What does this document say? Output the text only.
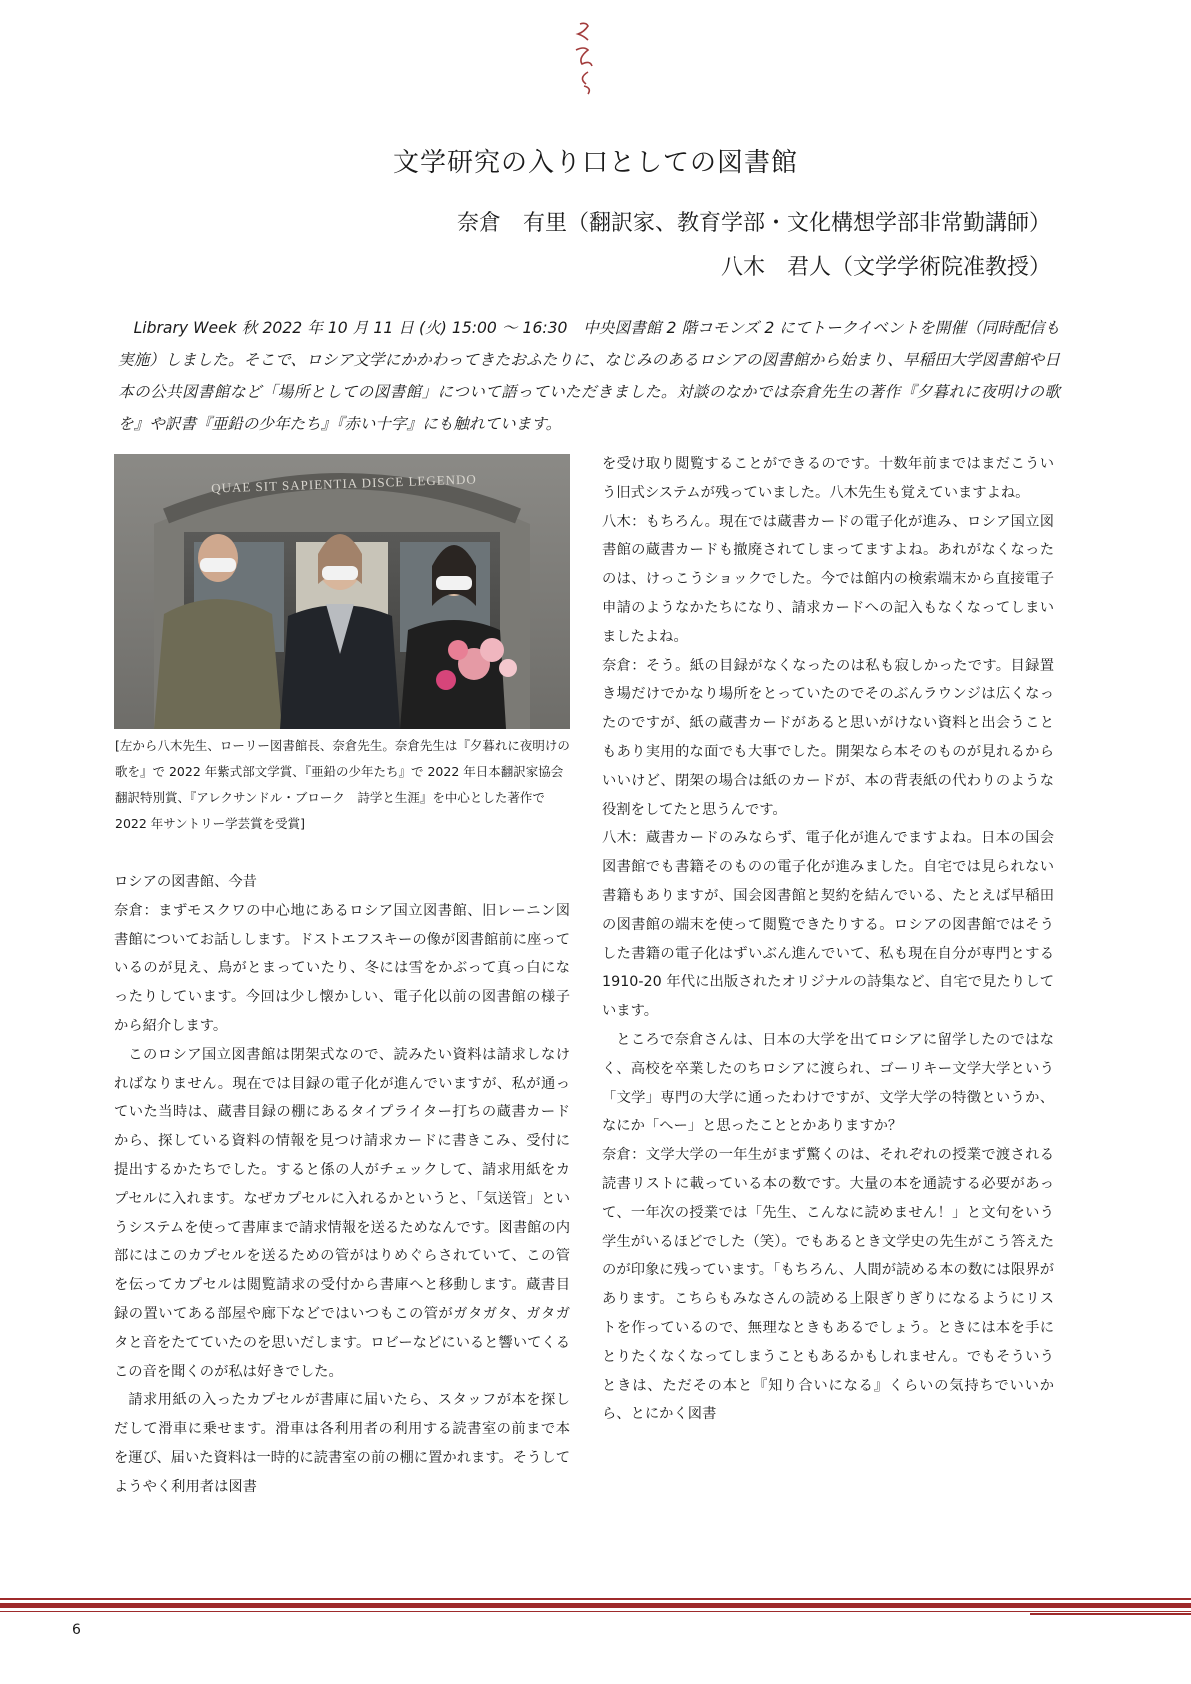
文学研究の入り口としての図書館
奈倉　有里（翻訳家、教育学部・文化構想学部非常勤講師）
八木　君人（文学学術院准教授）

Library Week 秋 2022 年 10 月 11 日 (火) 15:00 ～ 16:30　中央図書館 2 階コモンズ 2 にてトークイベントを開催（同時配信も実施）しました。そこで、ロシア文学にかかわってきたおふたりに、なじみのあるロシアの図書館から始まり、早稲田大学図書館や日本の公共図書館など「場所としての図書館」について語っていただきました。対談のなかでは奈倉先生の著作『夕暮れに夜明けの歌を』や訳書『亜鉛の少年たち』『赤い十字』にも触れています。

QUAE SIT SAPIENTIA DISCE LEGENDO

[左から八木先生、ローリー図書館長、奈倉先生。奈倉先生は『夕暮れに夜明けの歌を』で 2022 年紫式部文学賞、『亜鉛の少年たち』で 2022 年日本翻訳家協会翻訳特別賞、『アレクサンドル・ブローク　詩学と生涯』を中心とした著作で 2022 年サントリー学芸賞を受賞]

ロシアの図書館、今昔

奈倉：まずモスクワの中心地にあるロシア国立図書館、旧レーニン図書館についてお話しします。ドストエフスキーの像が図書館前に座っているのが見え、鳥がとまっていたり、冬には雪をかぶって真っ白になったりしています。今回は少し懐かしい、電子化以前の図書館の様子から紹介します。

このロシア国立図書館は閉架式なので、読みたい資料は請求しなければなりません。現在では目録の電子化が進んでいますが、私が通っていた当時は、蔵書目録の棚にあるタイプライター打ちの蔵書カードから、探している資料の情報を見つけ請求カードに書きこみ、受付に提出するかたちでした。すると係の人がチェックして、請求用紙をカプセルに入れます。なぜカプセルに入れるかというと、「気送管」というシステムを使って書庫まで請求情報を送るためなんです。図書館の内部にはこのカプセルを送るための管がはりめぐらされていて、この管を伝ってカプセルは閲覧請求の受付から書庫へと移動します。蔵書目録の置いてある部屋や廊下などではいつもこの管がガタガタ、ガタガタと音をたてていたのを思いだします。ロビーなどにいると響いてくるこの音を聞くのが私は好きでした。

請求用紙の入ったカプセルが書庫に届いたら、スタッフが本を探しだして滑車に乗せます。滑車は各利用者の利用する読書室の前まで本を運び、届いた資料は一時的に読書室の前の棚に置かれます。そうしてようやく利用者は図書

を受け取り閲覧することができるのです。十数年前まではまだこういう旧式システムが残っていました。八木先生も覚えていますよね。

八木：もちろん。現在では蔵書カードの電子化が進み、ロシア国立図書館の蔵書カードも撤廃されてしまってますよね。あれがなくなったのは、けっこうショックでした。今では館内の検索端末から直接電子申請のようなかたちになり、請求カードへの記入もなくなってしまいましたよね。

奈倉：そう。紙の目録がなくなったのは私も寂しかったです。目録置き場だけでかなり場所をとっていたのでそのぶんラウンジは広くなったのですが、紙の蔵書カードがあると思いがけない資料と出会うこともあり実用的な面でも大事でした。開架なら本そのものが見れるからいいけど、閉架の場合は紙のカードが、本の背表紙の代わりのような役割をしてたと思うんです。

八木：蔵書カードのみならず、電子化が進んでますよね。日本の国会図書館でも書籍そのものの電子化が進みました。自宅では見られない書籍もありますが、国会図書館と契約を結んでいる、たとえば早稲田の図書館の端末を使って閲覧できたりする。ロシアの図書館ではそうした書籍の電子化はずいぶん進んでいて、私も現在自分が専門とする 1910-20 年代に出版されたオリジナルの詩集など、自宅で見たりしています。

ところで奈倉さんは、日本の大学を出てロシアに留学したのではなく、高校を卒業したのちロシアに渡られ、ゴーリキー文学大学という「文学」専門の大学に通ったわけですが、文学大学の特徴というか、なにか「へー」と思ったこととかありますか？

奈倉：文学大学の一年生がまず驚くのは、それぞれの授業で渡される読書リストに載っている本の数です。大量の本を通読する必要があって、一年次の授業では「先生、こんなに読めません！」と文句をいう学生がいるほどでした（笑）。でもあるとき文学史の先生がこう答えたのが印象に残っています。「もちろん、人間が読める本の数には限界があります。こちらもみなさんの読める上限ぎりぎりになるようにリストを作っているので、無理なときもあるでしょう。ときには本を手にとりたくなくなってしまうこともあるかもしれません。でもそういうときは、ただその本と『知り合いになる』くらいの気持ちでいいから、とにかく図書

6
